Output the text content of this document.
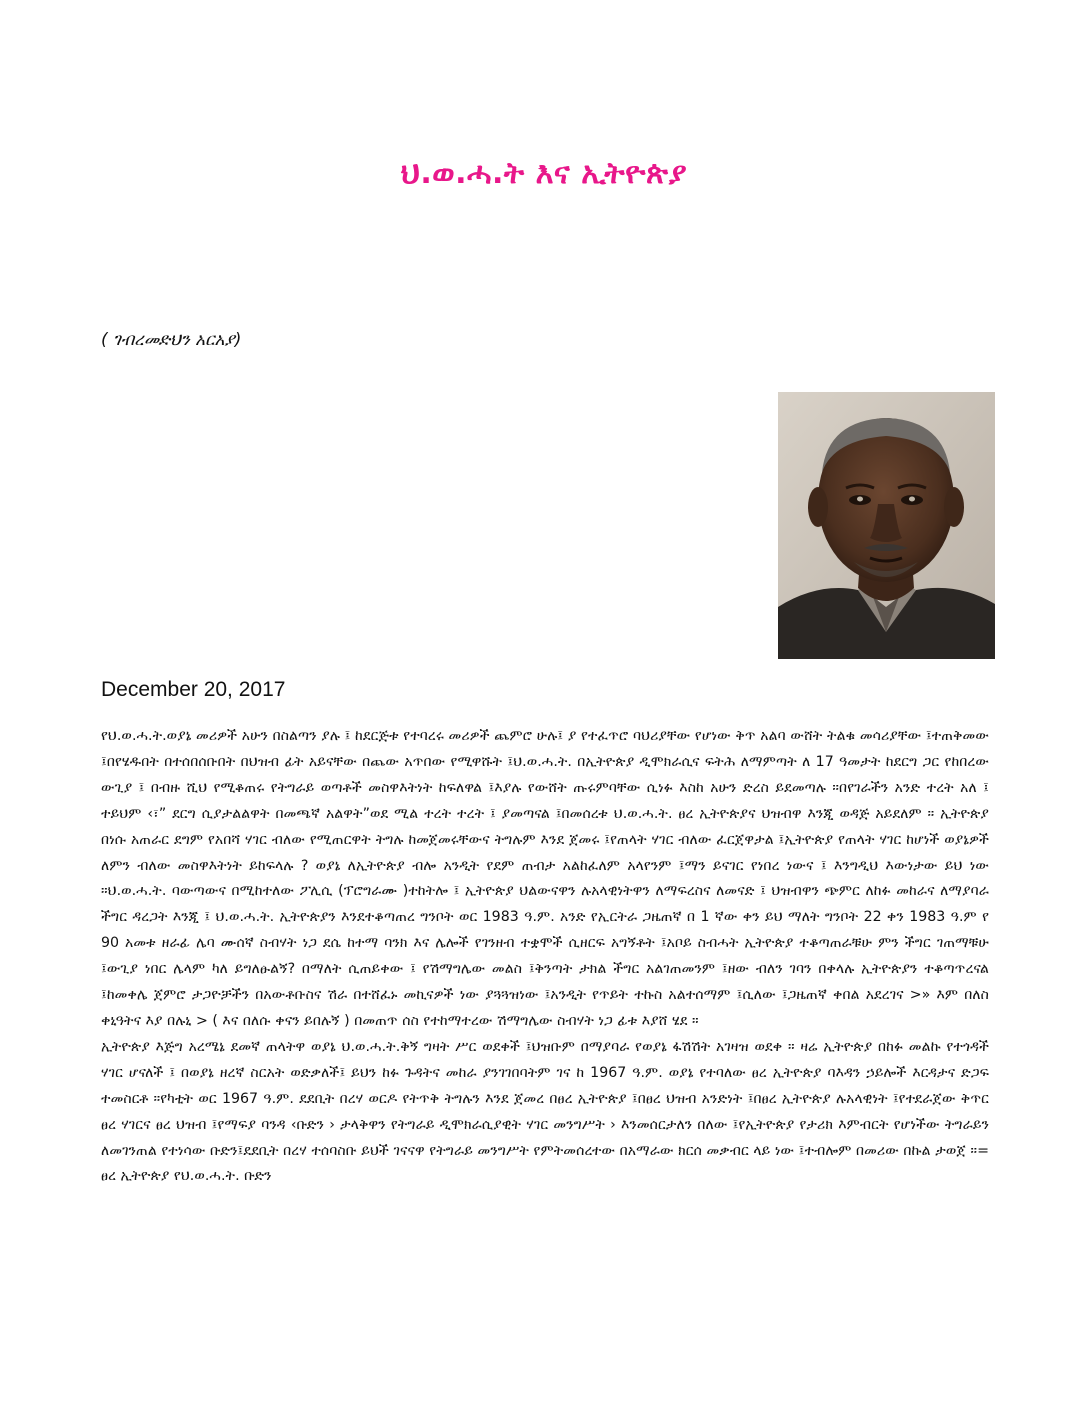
ህ.ወ.ሓ.ት እና ኢትዮጵያ
( ገብረመድህን አርአያ)
December 20, 2017

የህ.ወ.ሓ.ት.ወያኔ መሪዎች አሁን በስልጣን ያሉ ፤ ከደርጅቱ የተባረሩ መሪዎች ጨምሮ ሁሉ፤ ያ የተፈጥሮ ባህሪያቸው የሆነው ቅጥ አልባ ውሸት ትልቁ መሳሪያቸው ፤ተጠቅመው ፤በየሄዱበት በተሰበሰቡበት በህዝብ ፊት አይናቸው በጨው አጥበው የሚዋሹት ፤ህ.ወ.ሓ.ት. በኢትዮጵያ ዲሞክራሲና ፍትሕ ለማምጣት ለ 17 ዓመታት ከደርግ ጋር የከበረው ውጊያ ፤ በብዙ ሺህ የሚቆጠሩ የትግራይ ወጣቶች መስዋእትነት ከፍለዋል ፤እያሉ የውሸት ጡሩምባቸው ሲነፉ እስከ አሁን ድረስ ይደመጣሉ ።በየገራችን አንድ ተረት አለ ፤ ተይህም ‹፣” ደርግ ሲያታልልዋት በመጫኛ አልዋት”ወደ ሚል ተረት ተረት ፤ ያመጣናል ፤በመሰረቱ ህ.ወ.ሓ.ት. ፀረ ኢትዮጵያና ህዝብዋ እንጂ ወዳጅ አይደለም ። ኢትዮጵያ በነሱ አጠራር ደግም የአበሻ ሃገር ብለው የሚጠርዋት ትግሉ ከመጀመሩቸውና ትግሉም እንደ ጀመሩ ፤የጠላት ሃገር ብለው ፈርጀዋታል ፤ኢትዮጵያ የጠላት ሃገር ከሆነች ወያኔዎች ለምን ብለው መስዋእትነት ይከፍላሉ ? ወያኔ ለኢትዮጵያ ብሎ አንዲት የደም ጠብታ አልከፈለም አላየንም ፤ማን ይናገር የነበረ ነውና ፤ እንግዲህ እውነታው ይህ ነው ።ህ.ወ.ሓ.ት. ባውጣውና በሚከተለው ፖሊሲ (ፕሮግራሙ )ተከትሎ ፤ ኢትዮጵያ ህልውናዋን ሉአላዊነትዋን ለማፍረስና ለመናድ ፤ ህዝብዋን ጭምር ለከፉ መከራና ለማያባራ ችግር ዳረጋት እንጂ ፤ ህ.ወ.ሓ.ት. ኢትዮጵያን እንደተቆጣጠረ ግንቦት ወር 1983 ዓ.ም. አንድ የኢርትራ ጋዜጠኛ በ 1 ኛው ቀን ይህ ማለት ግንቦት 22 ቀን 1983 ዓ.ም የ 90 አመቱ ዘራፊ ሌባ ሙሰኛ ስብሃት ነጋ ደሴ ከተማ ባንክ እና ሌሎች የገንዘብ ተቋሞች ሲዘርፍ አግኝቶት ፤አቦይ ስብሓት ኢትዮጵያ ተቆጣጠራቹሁ ምን ችግር ገጠማቹሁ ፤ውጊያ ነበር ሌላም ካለ ይግለፁልኝ? በማለት ሲጠይቀው ፤ የሽማግሌው መልስ ፤ቅንጣት ታክል ችግር አልገጠመንም ፤ዘው ብለን ገባን በቀላሉ ኢትዮጵያን ተቆጣጥረናል ፤ከመቀሌ ጀምሮ ታጋዮቻችን በአውቶቡስና ሽራ በተሸፈኑ መኪናዎች ነው ያጓጓዝነው ፤አንዲት የጥይት ተኩስ አልተሰማም ፤ሲለው ፤ጋዜጠኛ ቀበል አደረገና >» እም በለስ ቀኒዓትና እያ በሉኒ > ( እና በለሱ ቀናን ይበሉኝ ) በመጠጥ ሰስ የተከማተረው ሽማግሌው ስብሃት ነጋ ፊቱ እያሸ ሄደ ።

ኢትዮጵያ እጅግ አረሜኔ ደመኛ ጠላትዋ ወያኔ ህ.ወ.ሓ.ት.ቅኝ ግዛት ሥር ወደቀች ፤ህዝቡም በማያባራ የወያኔ ፋሽሽት አገዛዝ ወደቀ ። ዛሬ ኢትዮጵያ በከፉ መልኩ የተጎዳች ሃገር ሆናለች ፤ በወያኔ ዘረኛ ስርአት ወድቃለች፤ ይህን ከፉ ጉዳትና መከራ ያንገገበባትም ገና ከ 1967 ዓ.ም. ወያኔ የተባለው ፀረ ኢትዮጵያ ባእዳን ኃይሎች እርዳታና ድጋፍ ተመስርቶ ።የካቲት ወር 1967 ዓ.ም. ደደቢት በረሃ ወርዶ የትጥቅ ትግሉን እንደ ጀመረ በፀረ ኢትዮጵያ ፤በፀረ ህዝብ አንድነት ፤በፀረ ኢትዮጵያ ሉአላዊነት ፤የተደራጀው ቅጥር ፀረ ሃገርና ፀረ ህዝብ ፤የማፍያ ባንዳ ‹ቡድን › ታላቅዋን የትግራይ ዲሞክራሲያዊት ሃገር መንግሥት › እንመሰርታለን በለው ፤የኢትዮጵያ የታሪክ እምብርት የሆነችው ትግራይን ለመገንጠል የተነሳው ቡድን፤ደደቢት በረሃ ተሰባስቡ ይህች ገናናዋ የትግራይ መንግሥት የምትመሰረተው በአማራው ክርሰ መቃብር ላይ ነው ፤ተብሎም በመሪው በኩል ታወጀ ።= ፀረ ኢትዮጵያ የህ.ወ.ሓ.ት. ቡድን
